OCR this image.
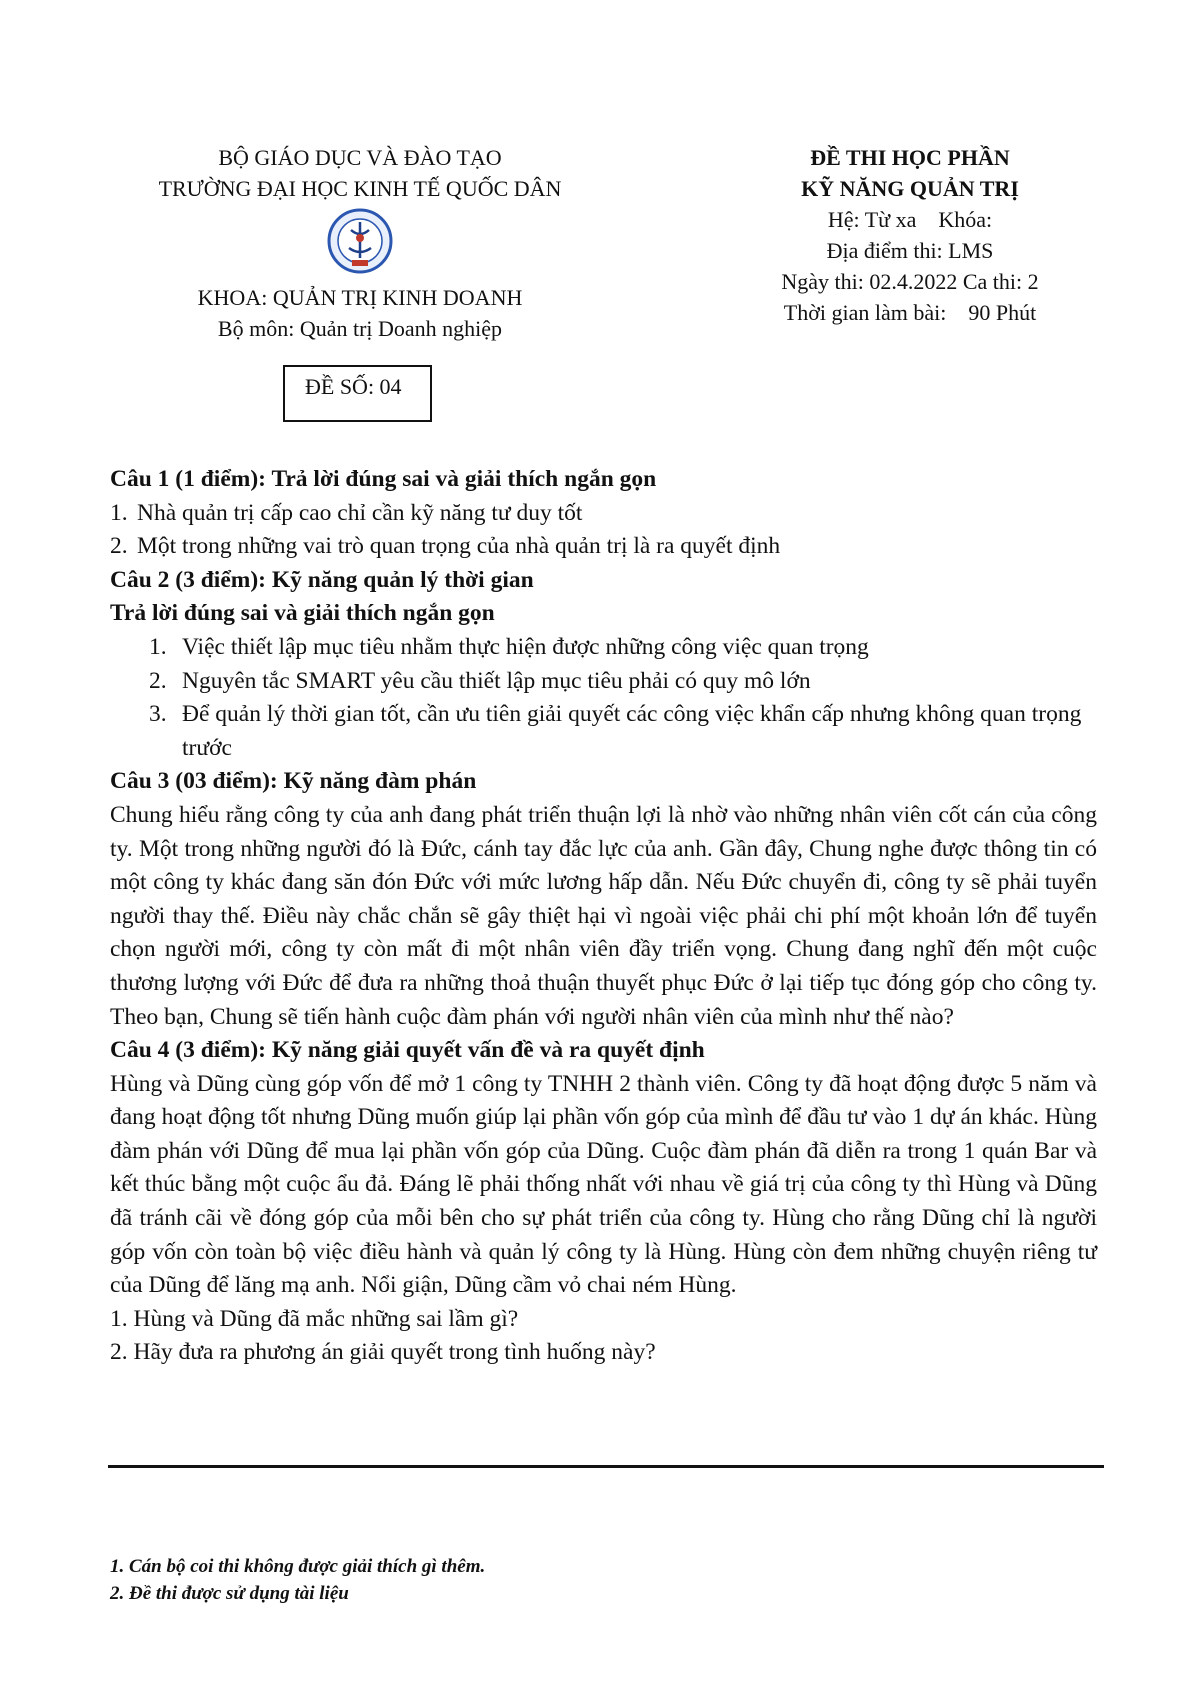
BỘ GIÁO DỤC VÀ ĐÀO TẠO
TRƯỜNG ĐẠI HỌC KINH TẾ QUỐC DÂN
KHOA: QUẢN TRỊ KINH DOANH
Bộ môn: Quản trị Doanh nghiệp
ĐỀ SỐ: 04
ĐỀ THI HỌC PHẦN
KỸ NĂNG QUẢN TRỊ
Hệ: Từ xa    Khóa:
Địa điểm thi: LMS
Ngày thi: 02.4.2022 Ca thi: 2
Thời gian làm bài:    90 Phút

Câu 1 (1 điểm): Trả lời đúng sai và giải thích ngắn gọn

1. Nhà quản trị cấp cao chỉ cần kỹ năng tư duy tốt

2. Một trong những vai trò quan trọng của nhà quản trị là ra quyết định

Câu 2 (3 điểm): Kỹ năng quản lý thời gian

Trả lời đúng sai và giải thích ngắn gọn

1. Việc thiết lập mục tiêu nhằm thực hiện được những công việc quan trọng

2. Nguyên tắc SMART yêu cầu thiết lập mục tiêu phải có quy mô lớn

3. Để quản lý thời gian tốt, cần ưu tiên giải quyết các công việc khẩn cấp nhưng không quan trọng trước

Câu 3 (03 điểm): Kỹ năng đàm phán

Chung hiểu rằng công ty của anh đang phát triển thuận lợi là nhờ vào những nhân viên cốt cán của công ty. Một trong những người đó là Đức, cánh tay đắc lực của anh. Gần đây, Chung nghe được thông tin có một công ty khác đang săn đón Đức với mức lương hấp dẫn. Nếu Đức chuyển đi, công ty sẽ phải tuyển người thay thế. Điều này chắc chắn sẽ gây thiệt hại vì ngoài việc phải chi phí một khoản lớn để tuyển chọn người mới, công ty còn mất đi một nhân viên đầy triển vọng. Chung đang nghĩ đến một cuộc thương lượng với Đức để đưa ra những thoả thuận thuyết phục Đức ở lại tiếp tục đóng góp cho công ty. Theo bạn, Chung sẽ tiến hành cuộc đàm phán với người nhân viên của mình như thế nào?

Câu 4 (3 điểm): Kỹ năng giải quyết vấn đề và ra quyết định

Hùng và Dũng cùng góp vốn để mở 1 công ty TNHH 2 thành viên. Công ty đã hoạt động được 5 năm và đang hoạt động tốt nhưng Dũng muốn giúp lại phần vốn góp của mình để đầu tư vào 1 dự án khác. Hùng đàm phán với Dũng để mua lại phần vốn góp của Dũng. Cuộc đàm phán đã diễn ra trong 1 quán Bar và kết thúc bằng một cuộc ẩu đả. Đáng lẽ phải thống nhất với nhau về giá trị của công ty thì Hùng và Dũng đã tránh cãi về đóng góp của mỗi bên cho sự phát triển của công ty. Hùng cho rằng Dũng chỉ là người góp vốn còn toàn bộ việc điều hành và quản lý công ty là Hùng. Hùng còn đem những chuyện riêng tư của Dũng để lăng mạ anh. Nổi giận, Dũng cầm vỏ chai ném Hùng.

1. Hùng và Dũng đã mắc những sai lầm gì?

2. Hãy đưa ra phương án giải quyết trong tình huống này?

1. Cán bộ coi thi không được giải thích gì thêm.
2. Đề thi được sử dụng tài liệu
